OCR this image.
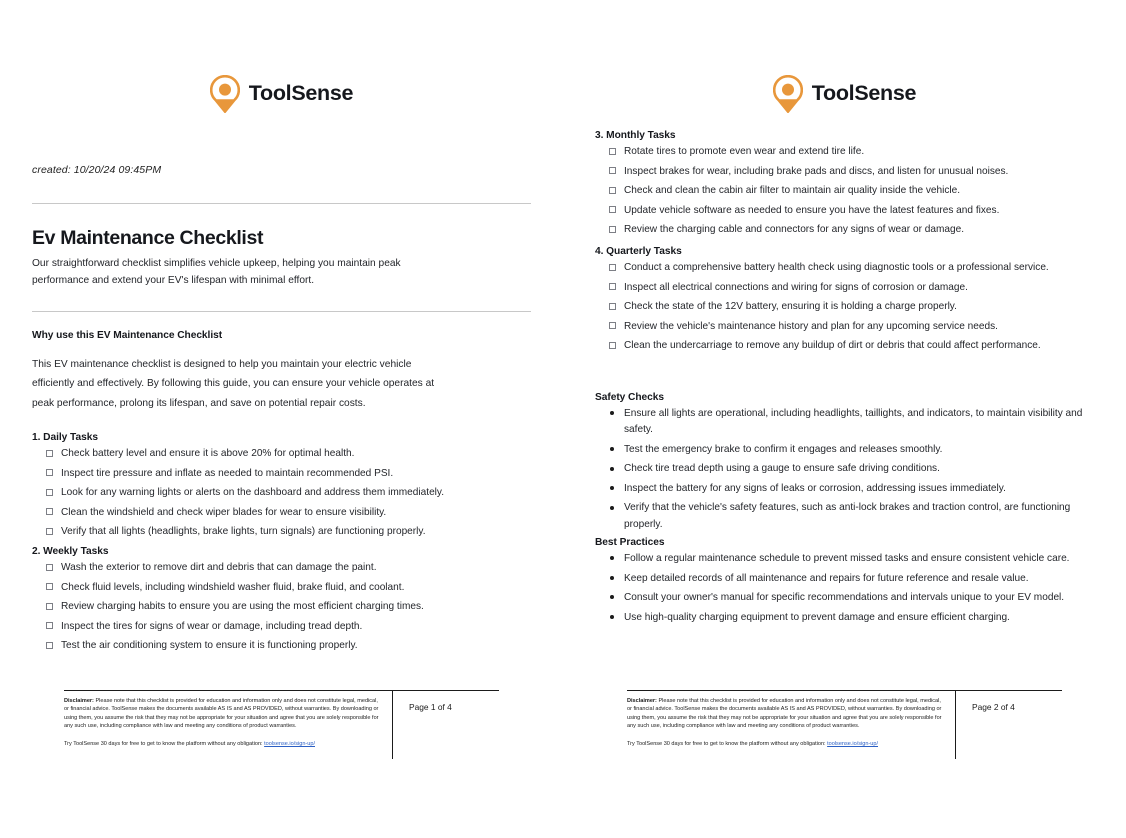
ToolSense
created: 10/20/24 09:45PM
Ev Maintenance Checklist
Our straightforward checklist simplifies vehicle upkeep, helping you maintain peak performance and extend your EV's lifespan with minimal effort.
Why use this EV Maintenance Checklist
This EV maintenance checklist is designed to help you maintain your electric vehicle efficiently and effectively. By following this guide, you can ensure your vehicle operates at peak performance, prolong its lifespan, and save on potential repair costs.
1. Daily Tasks
Check battery level and ensure it is above 20% for optimal health.
Inspect tire pressure and inflate as needed to maintain recommended PSI.
Look for any warning lights or alerts on the dashboard and address them immediately.
Clean the windshield and check wiper blades for wear to ensure visibility.
Verify that all lights (headlights, brake lights, turn signals) are functioning properly.
2. Weekly Tasks
Wash the exterior to remove dirt and debris that can damage the paint.
Check fluid levels, including windshield washer fluid, brake fluid, and coolant.
Review charging habits to ensure you are using the most efficient charging times.
Inspect the tires for signs of wear or damage, including tread depth.
Test the air conditioning system to ensure it is functioning properly.

Disclaimer: Please note that this checklist is provided for education and information only and does not constitute legal, medical, or financial advice. ToolSense makes the documents available AS IS and AS PROVIDED, without warranties. By downloading or using them, you assume the risk that they may not be appropriate for your situation and agree that you are solely responsible for any such use, including compliance with law and meeting any conditions of product warranties.

Try ToolSense 30 days for free to get to know the platform without any obligation: toolsense.io/sign-up/

Page 1 of 4
ToolSense
3. Monthly Tasks
Rotate tires to promote even wear and extend tire life.
Inspect brakes for wear, including brake pads and discs, and listen for unusual noises.
Check and clean the cabin air filter to maintain air quality inside the vehicle.
Update vehicle software as needed to ensure you have the latest features and fixes.
Review the charging cable and connectors for any signs of wear or damage.
4. Quarterly Tasks
Conduct a comprehensive battery health check using diagnostic tools or a professional service.
Inspect all electrical connections and wiring for signs of corrosion or damage.
Check the state of the 12V battery, ensuring it is holding a charge properly.
Review the vehicle's maintenance history and plan for any upcoming service needs.
Clean the undercarriage to remove any buildup of dirt or debris that could affect performance.
Safety Checks
Ensure all lights are operational, including headlights, taillights, and indicators, to maintain visibility and safety.
Test the emergency brake to confirm it engages and releases smoothly.
Check tire tread depth using a gauge to ensure safe driving conditions.
Inspect the battery for any signs of leaks or corrosion, addressing issues immediately.
Verify that the vehicle's safety features, such as anti-lock brakes and traction control, are functioning properly.
Best Practices
Follow a regular maintenance schedule to prevent missed tasks and ensure consistent vehicle care.
Keep detailed records of all maintenance and repairs for future reference and resale value.
Consult your owner's manual for specific recommendations and intervals unique to your EV model.
Use high-quality charging equipment to prevent damage and ensure efficient charging.

Disclaimer: Please note that this checklist is provided for education and information only and does not constitute legal, medical, or financial advice. ToolSense makes the documents available AS IS and AS PROVIDED, without warranties. By downloading or using them, you assume the risk that they may not be appropriate for your situation and agree that you are solely responsible for any such use, including compliance with law and meeting any conditions of product warranties.

Try ToolSense 30 days for free to get to know the platform without any obligation: toolsense.io/sign-up/

Page 2 of 4
